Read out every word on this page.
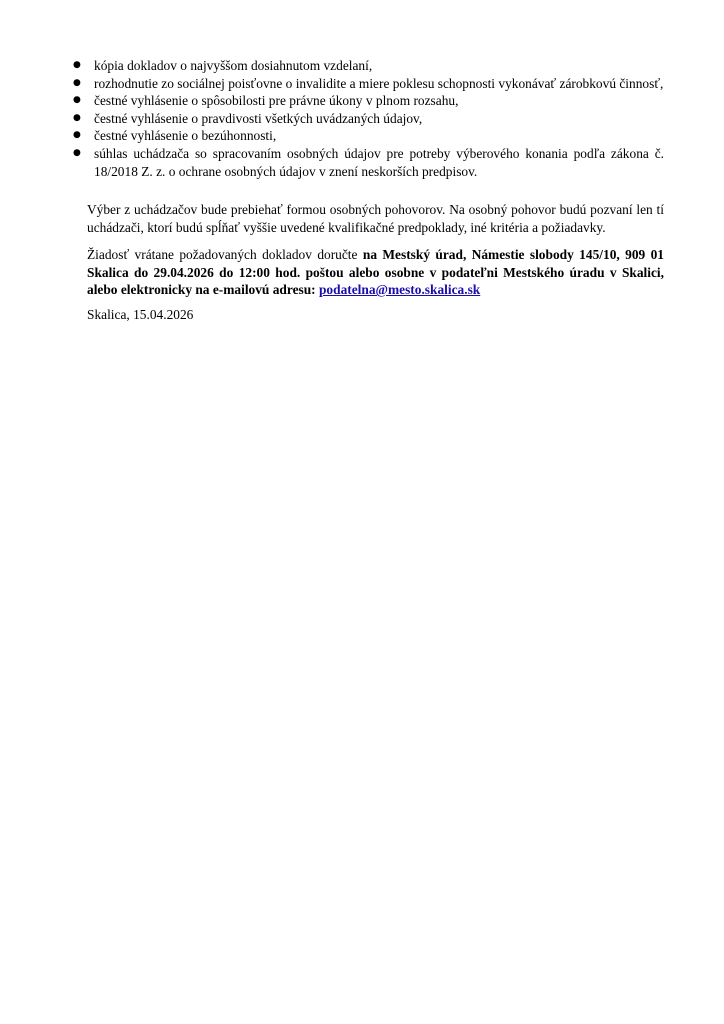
● kópia dokladov o najvyššom dosiahnutom vzdelaní,
● rozhodnutie zo sociálnej poisťovne o invalidite a miere poklesu schopnosti vykonávať zárobkovú činnosť,
● čestné vyhlásenie o spôsobilosti pre právne úkony v plnom rozsahu,
● čestné vyhlásenie o pravdivosti všetkých uvádzaných údajov,
● čestné vyhlásenie o bezúhonnosti,
● súhlas uchádzača so spracovaním osobných údajov pre potreby výberového konania podľa zákona č. 18/2018 Z. z. o ochrane osobných údajov v znení neskorších predpisov.

Výber z uchádzačov bude prebiehať formou osobných pohovorov. Na osobný pohovor budú pozvaní len tí uchádzači, ktorí budú spĺňať vyššie uvedené kvalifikačné predpoklady, iné kritéria a požiadavky.

Žiadosť vrátane požadovaných dokladov doručte na Mestský úrad, Námestie slobody 145/10, 909 01 Skalica do 29.04.2026 do 12:00 hod. poštou alebo osobne v podateľni Mestského úradu v Skalici, alebo elektronicky na e-mailovú adresu: podatelna@mesto.skalica.sk

Skalica, 15.04.2026
